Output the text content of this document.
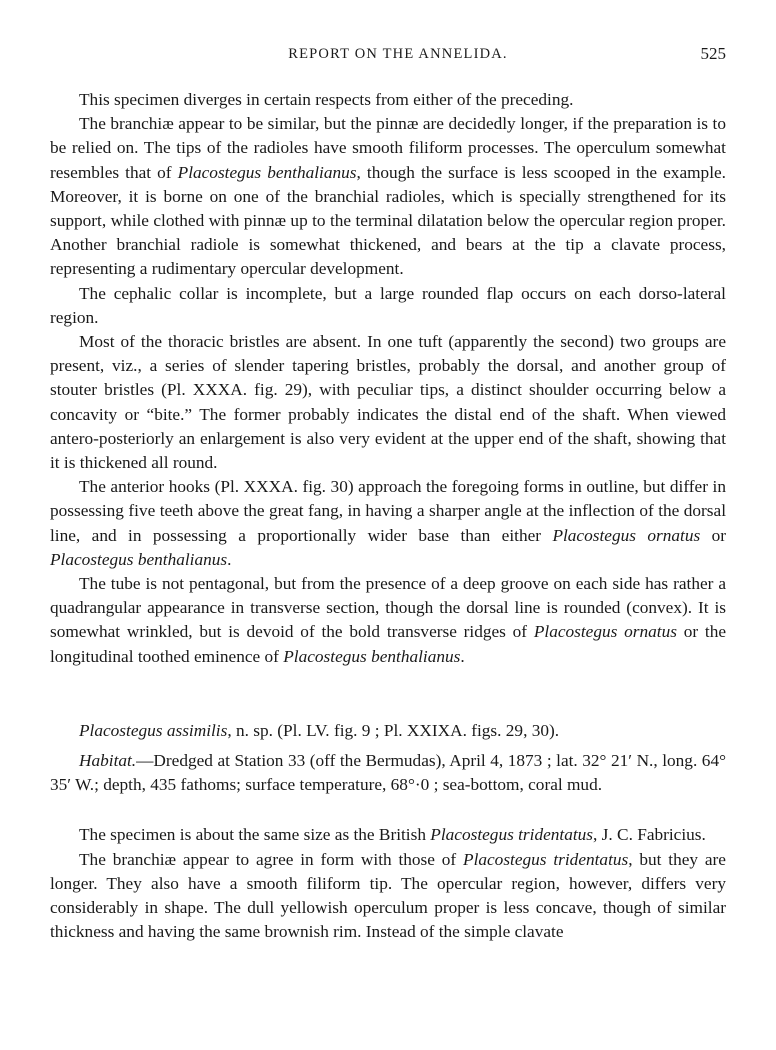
REPORT ON THE ANNELIDA.	525

This specimen diverges in certain respects from either of the preceding.

The branchiæ appear to be similar, but the pinnæ are decidedly longer, if the preparation is to be relied on. The tips of the radioles have smooth filiform processes. The operculum somewhat resembles that of Placostegus benthalianus, though the surface is less scooped in the example. Moreover, it is borne on one of the branchial radioles, which is specially strengthened for its support, while clothed with pinnæ up to the terminal dilatation below the opercular region proper. Another branchial radiole is somewhat thickened, and bears at the tip a clavate process, representing a rudimentary opercular development.

The cephalic collar is incomplete, but a large rounded flap occurs on each dorso-lateral region.

Most of the thoracic bristles are absent. In one tuft (apparently the second) two groups are present, viz., a series of slender tapering bristles, probably the dorsal, and another group of stouter bristles (Pl. XXXA. fig. 29), with peculiar tips, a distinct shoulder occurring below a concavity or “bite.” The former probably indicates the distal end of the shaft. When viewed antero-posteriorly an enlargement is also very evident at the upper end of the shaft, showing that it is thickened all round.

The anterior hooks (Pl. XXXA. fig. 30) approach the foregoing forms in outline, but differ in possessing five teeth above the great fang, in having a sharper angle at the inflection of the dorsal line, and in possessing a proportionally wider base than either Placostegus ornatus or Placostegus benthalianus.

The tube is not pentagonal, but from the presence of a deep groove on each side has rather a quadrangular appearance in transverse section, though the dorsal line is rounded (convex). It is somewhat wrinkled, but is devoid of the bold transverse ridges of Placostegus ornatus or the longitudinal toothed eminence of Placostegus benthalianus.

Placostegus assimilis, n. sp. (Pl. LV. fig. 9 ; Pl. XXIXA. figs. 29, 30).

Habitat.—Dredged at Station 33 (off the Bermudas), April 4, 1873 ; lat. 32° 21′ N., long. 64° 35′ W.; depth, 435 fathoms; surface temperature, 68°·0 ; sea-bottom, coral mud.

The specimen is about the same size as the British Placostegus tridentatus, J. C. Fabricius.

The branchiæ appear to agree in form with those of Placostegus tridentatus, but they are longer. They also have a smooth filiform tip. The opercular region, however, differs very considerably in shape. The dull yellowish operculum proper is less concave, though of similar thickness and having the same brownish rim. Instead of the simple clavate
